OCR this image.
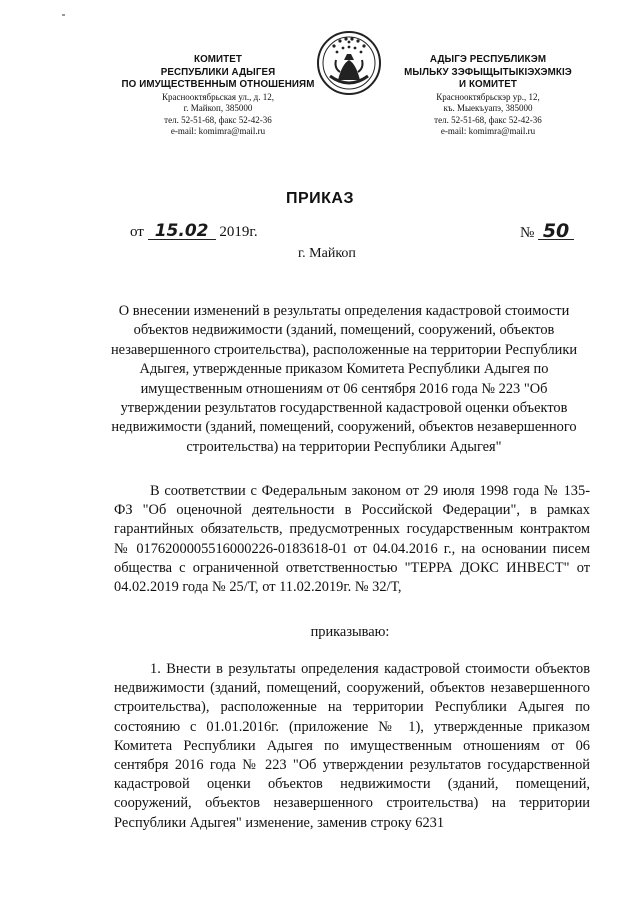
КОМИТЕТ
РЕСПУБЛИКИ АДЫГЕЯ
ПО ИМУЩЕСТВЕННЫМ ОТНОШЕНИЯМ
Краснооктябрьская ул., д. 12,
г. Майкоп, 385000
тел. 52-51-68, факс 52-42-36
e-mail: komimra@mail.ru
АДЫГЭ РЕСПУБЛИКЭМ
МЫЛЬКУ ЗЭФЫЩЫТЫКІЭХЭМКІЭ
И КОМИТЕТ
Краснооктябрьскэр ур., 12,
къ. Мыекъуапэ, 385000
тел. 52-51-68, факс 52-42-36
e-mail: komimra@mail.ru
ПРИКАЗ
от 15.02 2019г.	№ 50
г. Майкоп
О внесении изменений в результаты определения кадастровой стоимости объектов недвижимости (зданий, помещений, сооружений, объектов незавершенного строительства), расположенные на территории Республики Адыгея, утвержденные приказом Комитета Республики Адыгея по имущественным отношениям от 06 сентября 2016 года № 223 "Об утверждении результатов государственной кадастровой оценки объектов недвижимости (зданий, помещений, сооружений, объектов незавершенного строительства) на территории Республики Адыгея"
В соответствии с Федеральным законом от 29 июля 1998 года № 135-ФЗ "Об оценочной деятельности в Российской Федерации", в рамках гарантийных обязательств, предусмотренных государственным контрактом № 0176200005516000226-0183618-01 от 04.04.2016 г., на основании писем общества с ограниченной ответственностью "ТЕРРА ДОКС ИНВЕСТ" от 04.02.2019 года № 25/Т, от 11.02.2019г. № 32/Т,
приказываю:
1. Внести в результаты определения кадастровой стоимости объектов недвижимости (зданий, помещений, сооружений, объектов незавершенного строительства), расположенные на территории Республики Адыгея по состоянию с 01.01.2016г. (приложение № 1), утвержденные приказом Комитета Республики Адыгея по имущественным отношениям от 06 сентября 2016 года № 223 "Об утверждении результатов государственной кадастровой оценки объектов недвижимости (зданий, помещений, сооружений, объектов незавершенного строительства) на территории Республики Адыгея" изменение, заменив строку 6231
